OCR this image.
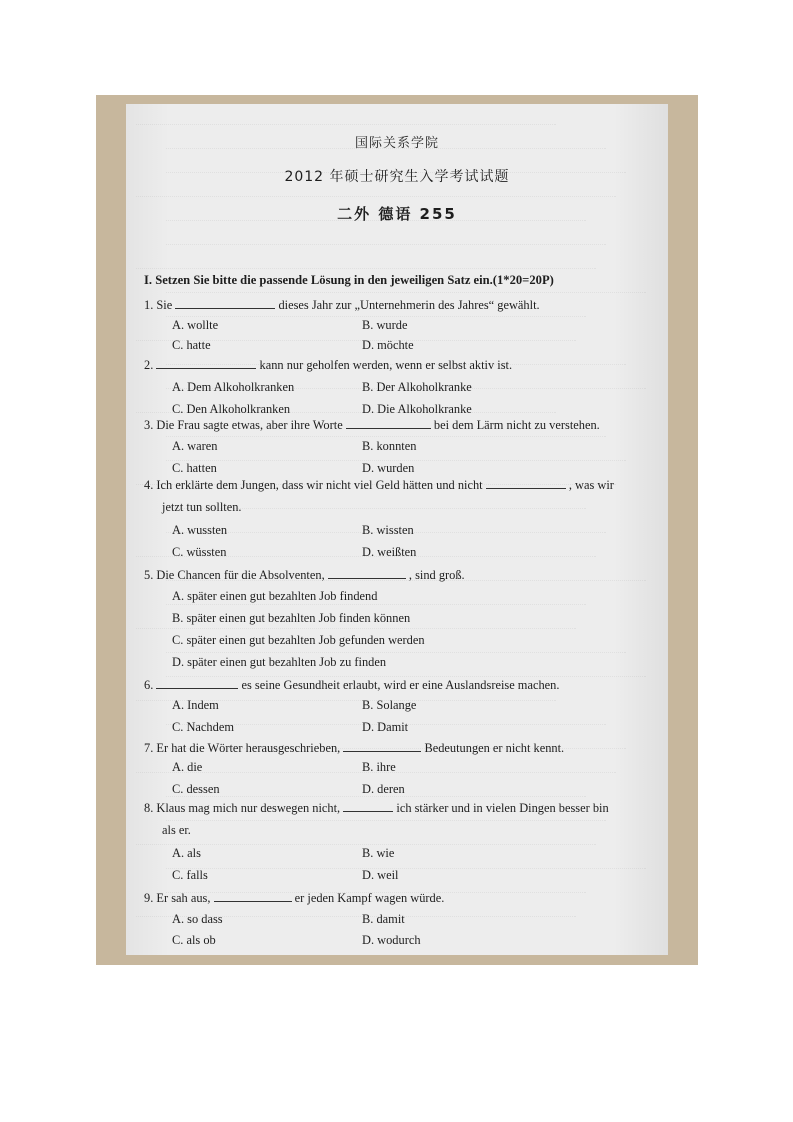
国际关系学院
2012 年硕士研究生入学考试试题
二外 德语 255
I. Setzen Sie bitte die passende Lösung in den jeweiligen Satz ein.(1*20=20P)
1. Sie	dieses Jahr zur „Unternehmerin des Jahres“ gewählt.
A. wollte	B. wurde
C. hatte	D. möchte
2.	kann nur geholfen werden, wenn er selbst aktiv ist.
A. Dem Alkoholkranken	B. Der Alkoholkranke
C. Den Alkoholkranken	D. Die Alkoholkranke
3. Die Frau sagte etwas, aber ihre Worte	bei dem Lärm nicht zu verstehen.
A. waren	B. konnten
C. hatten	D. wurden
4. Ich erklärte dem Jungen, dass wir nicht viel Geld hätten und nicht	, was wir
jetzt tun sollten.
A. wussten	B. wissten
C. wüssten	D. weißten
5. Die Chancen für die Absolventen,	, sind groß.
A. später einen gut bezahlten Job findend
B. später einen gut bezahlten Job finden können
C. später einen gut bezahlten Job gefunden werden
D. später einen gut bezahlten Job zu finden
6.	es seine Gesundheit erlaubt, wird er eine Auslandsreise machen.
A. Indem	B. Solange
C. Nachdem	D. Damit
7. Er hat die Wörter herausgeschrieben,	Bedeutungen er nicht kennt.
A. die	B. ihre
C. dessen	D. deren
8. Klaus mag mich nur deswegen nicht,	ich stärker und in vielen Dingen besser bin
als er.
A. als	B. wie
C. falls	D. weil
9. Er sah aus,	er jeden Kampf wagen würde.
A. so dass	B. damit
C. als ob	D. wodurch
